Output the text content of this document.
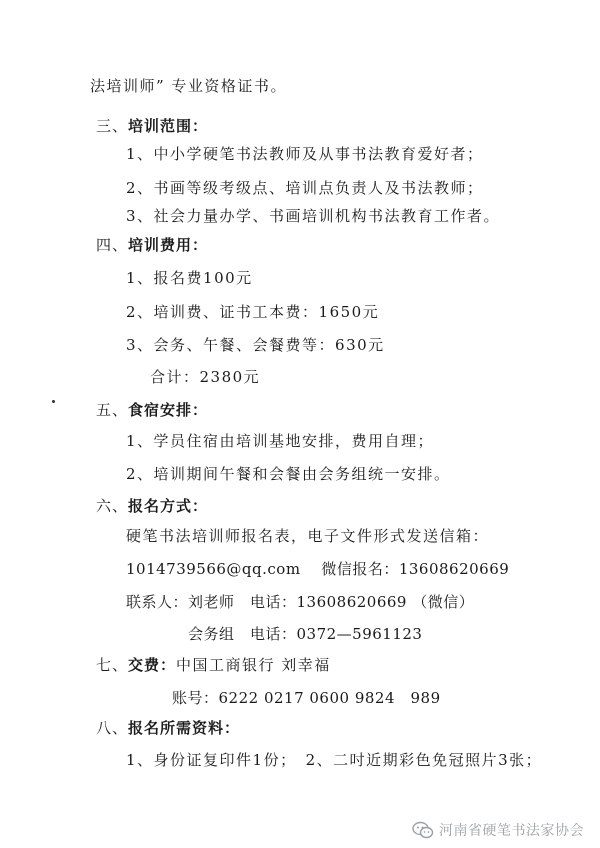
法培训师” 专业资格证书。
三、培训范围：
1、中小学硬笔书法教师及从事书法教育爱好者；
2、书画等级考级点、培训点负责人及书法教师；
3、社会力量办学、书画培训机构书法教育工作者。
四、培训费用：
1、报名费100元
2、培训费、证书工本费：1650元
3、会务、午餐、会餐费等：630元
合计：2380元
五、食宿安排：
1、学员住宿由培训基地安排，费用自理；
2、培训期间午餐和会餐由会务组统一安排。
六、报名方式：
硬笔书法培训师报名表，电子文件形式发送信箱：
1014739566@qq.com　 微信报名：13608620669
联系人：刘老师　电话：13608620669 （微信）
会务组　电话：0372—5961123
七、交费：中国工商银行 刘幸福
账号：6222 0217 0600 9824　989
八、报名所需资料：
1、身份证复印件1份；　2、二吋近期彩色免冠照片3张；
河南省硬笔书法家协会
